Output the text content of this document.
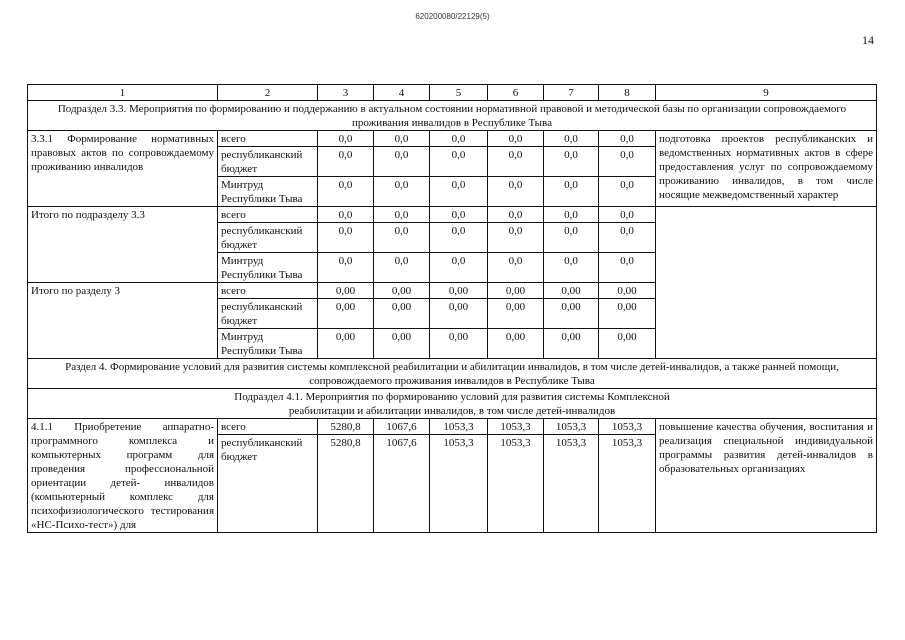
620200080/22129(5)
14
1	2	3	4	5	6	7	8	9
Подраздел 3.3. Мероприятия по формированию и поддержанию в актуальном состоянии нормативной правовой и методической базы по организации сопровождаемого проживания инвалидов в Республике Тыва								
3.3.1 Формирование нормативных правовых актов по сопровождаемому проживанию инвалидов	всего	0,0	0,0	0,0	0,0	0,0	0,0	подготовка проектов республиканских и ведомственных нормативных актов в сфере предоставления услуг по сопровождаемому проживанию инвалидов, в том числе носящие межведомственный характер
	республиканский бюджет	0,0	0,0	0,0	0,0	0,0	0,0	
	Минтруд Республики Тыва	0,0	0,0	0,0	0,0	0,0	0,0	
Итого по подразделу 3.3	всего	0,0	0,0	0,0	0,0	0,0	0,0	
	республиканский бюджет	0,0	0,0	0,0	0,0	0,0	0,0	
	Минтруд Республики Тыва	0,0	0,0	0,0	0,0	0,0	0,0	
Итого по разделу 3	всего	0,00	0,00	0,00	0,00	0,00	0,00	
	республиканский бюджет	0,00	0,00	0,00	0,00	0,00	0,00	
	Минтруд Республики Тыва	0,00	0,00	0,00	0,00	0,00	0,00	
Раздел 4. Формирование условий для развития системы комплексной реабилитации и абилитации инвалидов, в том числе детей-инвалидов, а также ранней помощи, сопровождаемого проживания инвалидов в Республике Тыва								
Подраздел 4.1. Мероприятия по формированию условий для развития системы Комплексной реабилитации и абилитации инвалидов, в том числе детей-инвалидов								
4.1.1 Приобретение аппаратно-программного комплекса и компьютерных программ для проведения профессиональной ориентации детей- инвалидов (компьютерный комплекс для психофизиологического тестирования «НС-Психо-тест») для	всего	5280,8	1067,6	1053,3	1053,3	1053,3	1053,3	повышение качества обучения, воспитания и реализация специальной индивидуальной программы развития детей-инвалидов в образовательных организациях
	республиканский бюджет	5280,8	1067,6	1053,3	1053,3	1053,3	1053,3	
